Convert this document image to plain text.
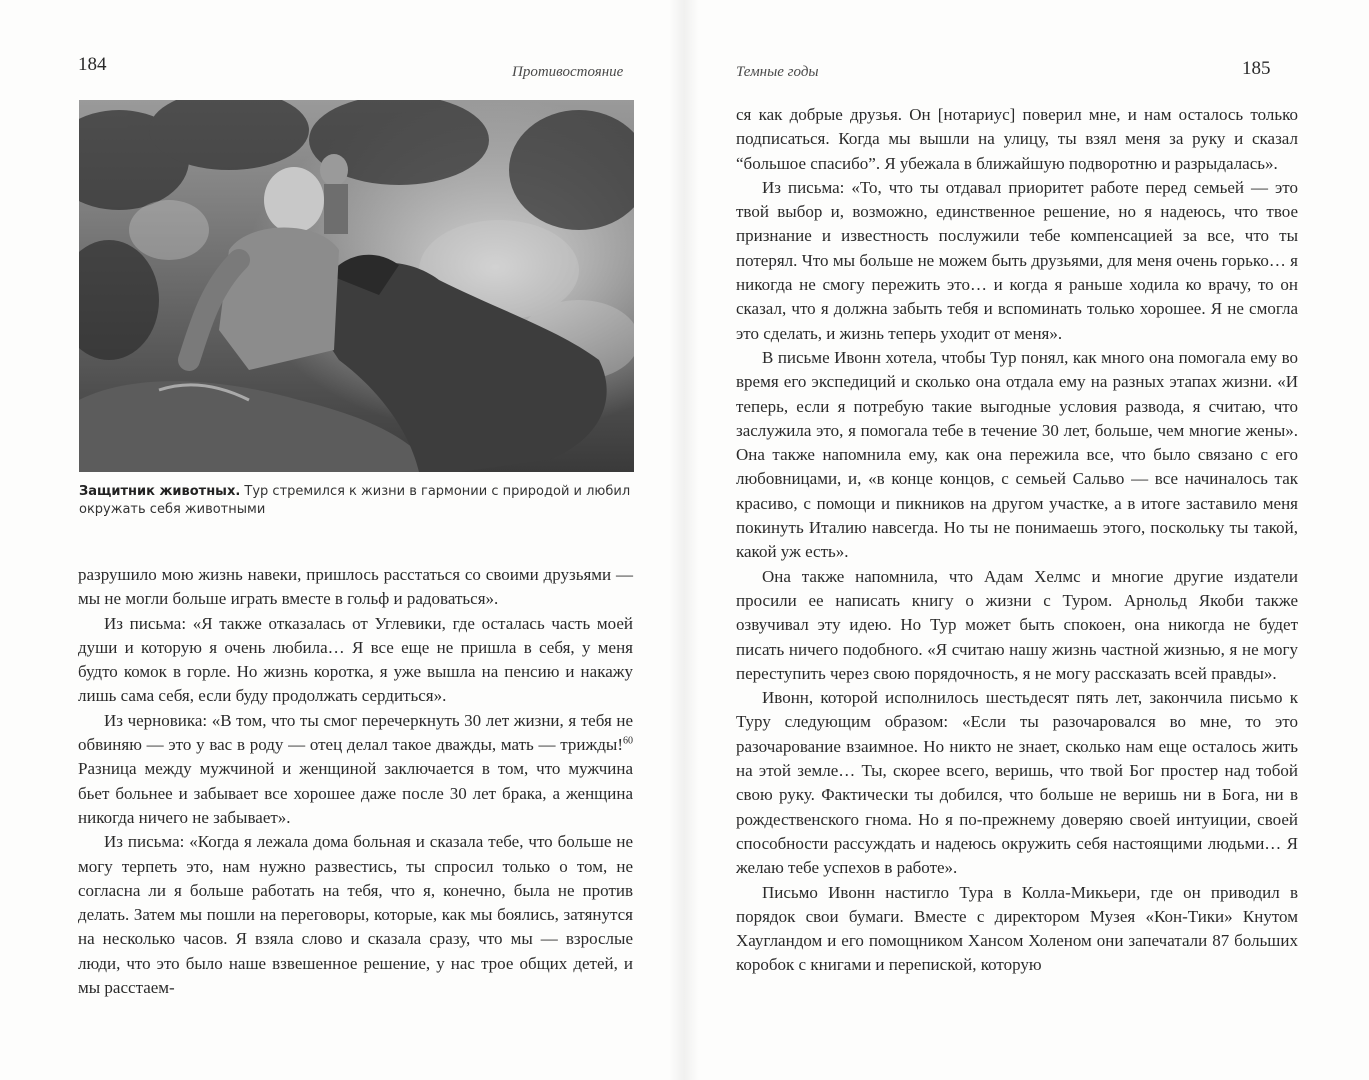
184	Противостояние
Защитник животных. Тур стремился к жизни в гармонии с природой и любил окружать себя животными

разрушило мою жизнь навеки, пришлось расстаться со своими друзьями — мы не могли больше играть вместе в гольф и радоваться».

Из письма: «Я также отказалась от Углевики, где осталась часть моей души и которую я очень любила… Я все еще не пришла в себя, у меня будто комок в горле. Но жизнь коротка, я уже вышла на пенсию и накажу лишь сама себя, если буду продолжать сердиться».

Из черновика: «В том, что ты смог перечеркнуть 30 лет жизни, я тебя не обвиняю — это у вас в роду — отец делал такое дважды, мать — трижды!$^{60}$ Разница между мужчиной и женщиной заключается в том, что мужчина бьет больнее и забывает все хорошее даже после 30 лет брака, а женщина никогда ничего не забывает».

Из письма: «Когда я лежала дома больная и сказала тебе, что больше не могу терпеть это, нам нужно развестись, ты спросил только о том, не согласна ли я больше работать на тебя, что я, конечно, была не против делать. Затем мы пошли на переговоры, которые, как мы боялись, затянутся на несколько часов. Я взяла слово и сказала сразу, что мы — взрослые люди, что это было наше взвешенное решение, у нас трое общих детей, и мы расстаем-

Темные годы	185

ся как добрые друзья. Он [нотариус] поверил мне, и нам осталось только подписаться. Когда мы вышли на улицу, ты взял меня за руку и сказал “большое спасибо”. Я убежала в ближайшую подворотню и разрыдалась».

Из письма: «То, что ты отдавал приоритет работе перед семьей — это твой выбор и, возможно, единственное решение, но я надеюсь, что твое признание и известность послужили тебе компенсацией за все, что ты потерял. Что мы больше не можем быть друзьями, для меня очень горько… я никогда не смогу пережить это… и когда я раньше ходила ко врачу, то он сказал, что я должна забыть тебя и вспоминать только хорошее. Я не смогла это сделать, и жизнь теперь уходит от меня».

В письме Ивонн хотела, чтобы Тур понял, как много она помогала ему во время его экспедиций и сколько она отдала ему на разных этапах жизни. «И теперь, если я потребую такие выгодные условия развода, я считаю, что заслужила это, я помогала тебе в течение 30 лет, больше, чем многие жены». Она также напомнила ему, как она пережила все, что было связано с его любовницами, и, «в конце концов, с семьей Сальво — все начиналось так красиво, с помощи и пикников на другом участке, а в итоге заставило меня покинуть Италию навсегда. Но ты не понимаешь этого, поскольку ты такой, какой уж есть».

Она также напомнила, что Адам Хелмс и многие другие издатели просили ее написать книгу о жизни с Туром. Арнольд Якоби также озвучивал эту идею. Но Тур может быть спокоен, она никогда не будет писать ничего подобного. «Я считаю нашу жизнь частной жизнью, я не могу переступить через свою порядочность, я не могу рассказать всей правды».

Ивонн, которой исполнилось шестьдесят пять лет, закончила письмо к Туру следующим образом: «Если ты разочаровался во мне, то это разочарование взаимное. Но никто не знает, сколько нам еще осталось жить на этой земле… Ты, скорее всего, веришь, что твой Бог простер над тобой свою руку. Фактически ты добился, что больше не веришь ни в Бога, ни в рождественского гнома. Но я по-прежнему доверяю своей интуиции, своей способности рассуждать и надеюсь окружить себя настоящими людьми… Я желаю тебе успехов в работе».

Письмо Ивонн настигло Тура в Колла-Микьери, где он приводил в порядок свои бумаги. Вместе с директором Музея «Кон-Тики» Кнутом Хаугландом и его помощником Хансом Холеном они запечатали 87 больших коробок с книгами и перепиской, которую
